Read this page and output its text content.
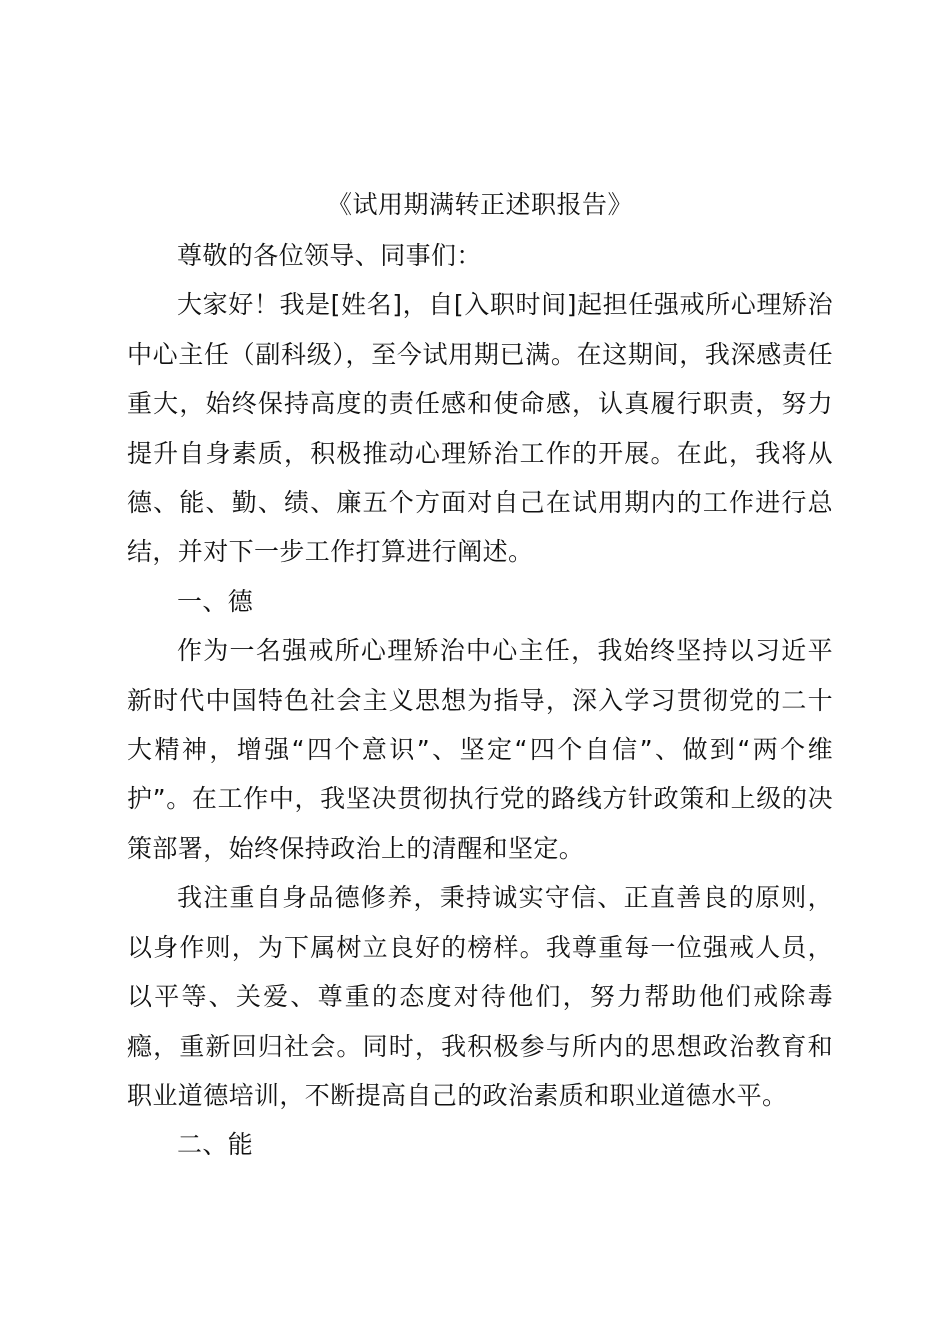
《试用期满转正述职报告》

尊敬的各位领导、同事们：

大家好！我是[姓名]，自[入职时间]起担任强戒所心理矫治中心主任（副科级），至今试用期已满。在这期间，我深感责任重大，始终保持高度的责任感和使命感，认真履行职责，努力提升自身素质，积极推动心理矫治工作的开展。在此，我将从德、能、勤、绩、廉五个方面对自己在试用期内的工作进行总结，并对下一步工作打算进行阐述。

一、德

作为一名强戒所心理矫治中心主任，我始终坚持以习近平新时代中国特色社会主义思想为指导，深入学习贯彻党的二十大精神，增强“四个意识”、坚定“四个自信”、做到“两个维护”。在工作中，我坚决贯彻执行党的路线方针政策和上级的决策部署，始终保持政治上的清醒和坚定。

我注重自身品德修养，秉持诚实守信、正直善良的原则，以身作则，为下属树立良好的榜样。我尊重每一位强戒人员，以平等、关爱、尊重的态度对待他们，努力帮助他们戒除毒瘾，重新回归社会。同时，我积极参与所内的思想政治教育和职业道德培训，不断提高自己的政治素质和职业道德水平。

二、能
